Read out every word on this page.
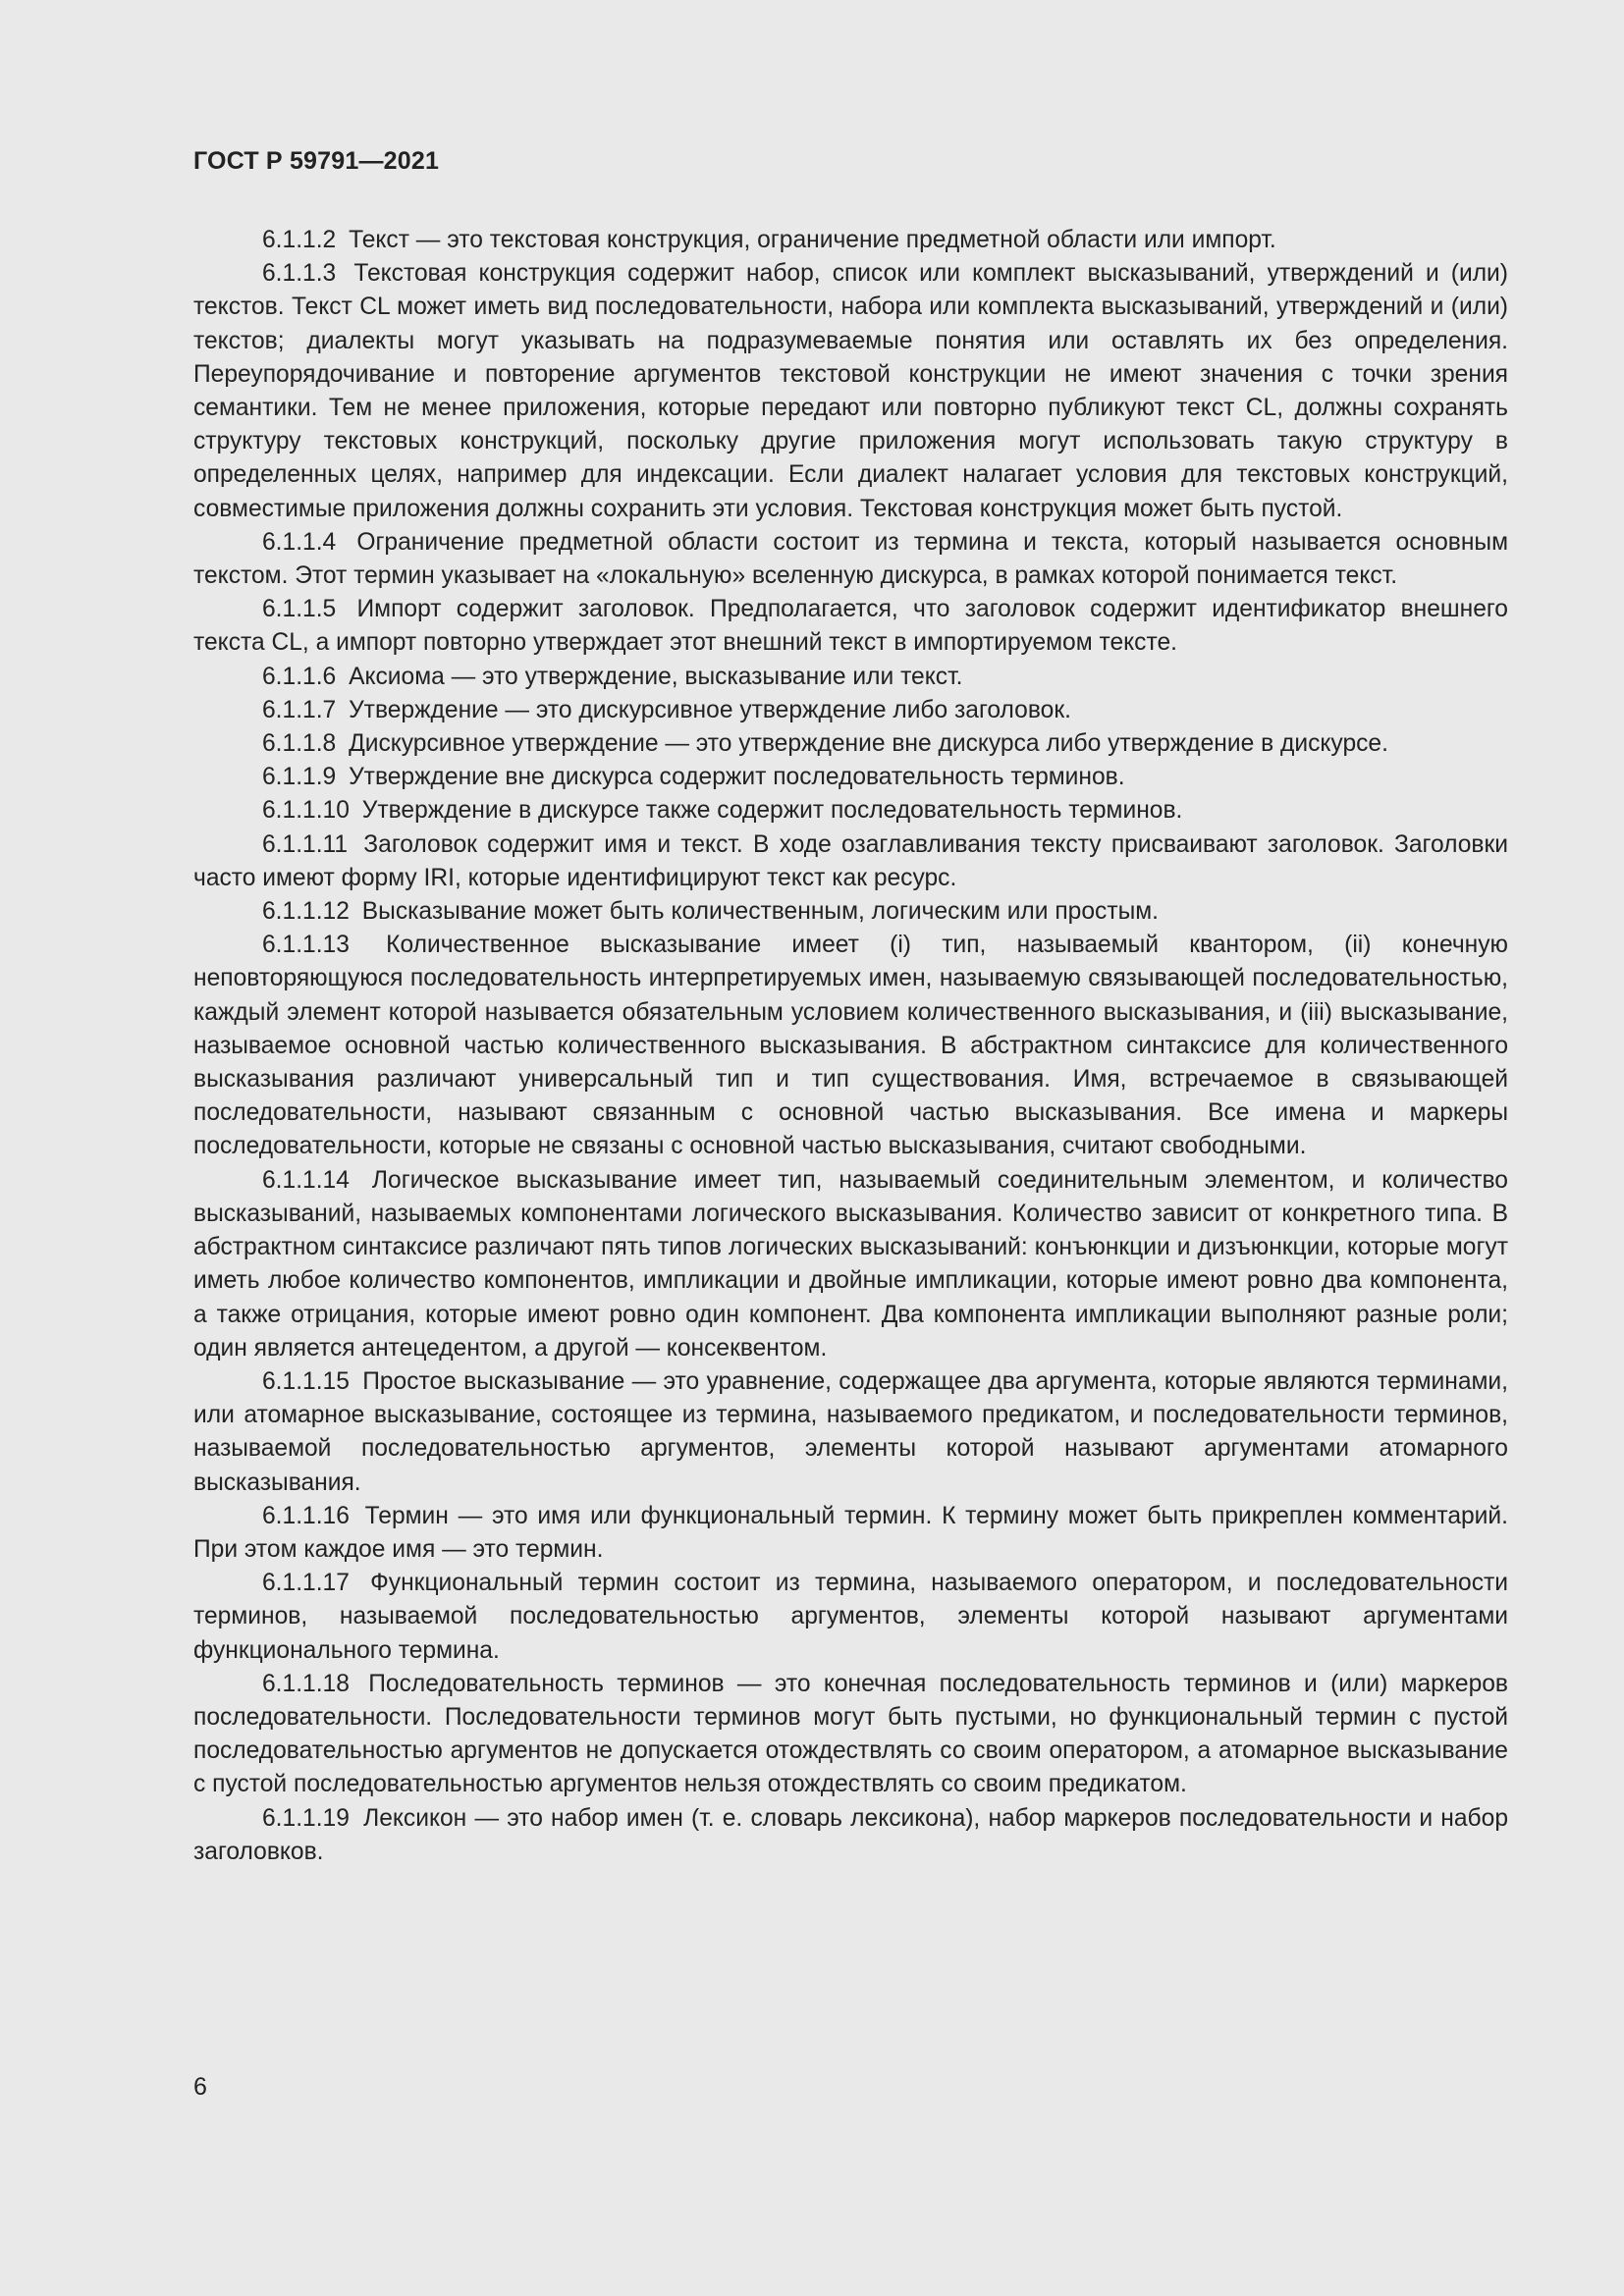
ГОСТ Р 59791—2021

6.1.1.2 Текст — это текстовая конструкция, ограничение предметной области или импорт.

6.1.1.3 Текстовая конструкция содержит набор, список или комплект высказываний, утверждений и (или) текстов. Текст CL может иметь вид последовательности, набора или комплекта высказываний, утверждений и (или) текстов; диалекты могут указывать на подразумеваемые понятия или оставлять их без определения. Переупорядочивание и повторение аргументов текстовой конструкции не имеют значения с точки зрения семантики. Тем не менее приложения, которые передают или повторно публикуют текст CL, должны сохранять структуру текстовых конструкций, поскольку другие приложения могут использовать такую структуру в определенных целях, например для индексации. Если диалект налагает условия для текстовых конструкций, совместимые приложения должны сохранить эти условия. Текстовая конструкция может быть пустой.

6.1.1.4 Ограничение предметной области состоит из термина и текста, который называется основным текстом. Этот термин указывает на «локальную» вселенную дискурса, в рамках которой понимается текст.

6.1.1.5 Импорт содержит заголовок. Предполагается, что заголовок содержит идентификатор внешнего текста CL, а импорт повторно утверждает этот внешний текст в импортируемом тексте.

6.1.1.6 Аксиома — это утверждение, высказывание или текст.

6.1.1.7 Утверждение — это дискурсивное утверждение либо заголовок.

6.1.1.8 Дискурсивное утверждение — это утверждение вне дискурса либо утверждение в дискурсе.

6.1.1.9 Утверждение вне дискурса содержит последовательность терминов.

6.1.1.10 Утверждение в дискурсе также содержит последовательность терминов.

6.1.1.11 Заголовок содержит имя и текст. В ходе озаглавливания тексту присваивают заголовок. Заголовки часто имеют форму IRI, которые идентифицируют текст как ресурс.

6.1.1.12 Высказывание может быть количественным, логическим или простым.

6.1.1.13 Количественное высказывание имеет (i) тип, называемый квантором, (ii) конечную неповторяющуюся последовательность интерпретируемых имен, называемую связывающей последовательностью, каждый элемент которой называется обязательным условием количественного высказывания, и (iii) высказывание, называемое основной частью количественного высказывания. В абстрактном синтаксисе для количественного высказывания различают универсальный тип и тип существования. Имя, встречаемое в связывающей последовательности, называют связанным с основной частью высказывания. Все имена и маркеры последовательности, которые не связаны с основной частью высказывания, считают свободными.

6.1.1.14 Логическое высказывание имеет тип, называемый соединительным элементом, и количество высказываний, называемых компонентами логического высказывания. Количество зависит от конкретного типа. В абстрактном синтаксисе различают пять типов логических высказываний: конъюнкции и дизъюнкции, которые могут иметь любое количество компонентов, импликации и двойные импликации, которые имеют ровно два компонента, а также отрицания, которые имеют ровно один компонент. Два компонента импликации выполняют разные роли; один является антецедентом, а другой — консеквентом.

6.1.1.15 Простое высказывание — это уравнение, содержащее два аргумента, которые являются терминами, или атомарное высказывание, состоящее из термина, называемого предикатом, и последовательности терминов, называемой последовательностью аргументов, элементы которой называют аргументами атомарного высказывания.

6.1.1.16 Термин — это имя или функциональный термин. К термину может быть прикреплен комментарий. При этом каждое имя — это термин.

6.1.1.17 Функциональный термин состоит из термина, называемого оператором, и последовательности терминов, называемой последовательностью аргументов, элементы которой называют аргументами функционального термина.

6.1.1.18 Последовательность терминов — это конечная последовательность терминов и (или) маркеров последовательности. Последовательности терминов могут быть пустыми, но функциональный термин с пустой последовательностью аргументов не допускается отождествлять со своим оператором, а атомарное высказывание с пустой последовательностью аргументов нельзя отождествлять со своим предикатом.

6.1.1.19 Лексикон — это набор имен (т. е. словарь лексикона), набор маркеров последовательности и набор заголовков.

6
